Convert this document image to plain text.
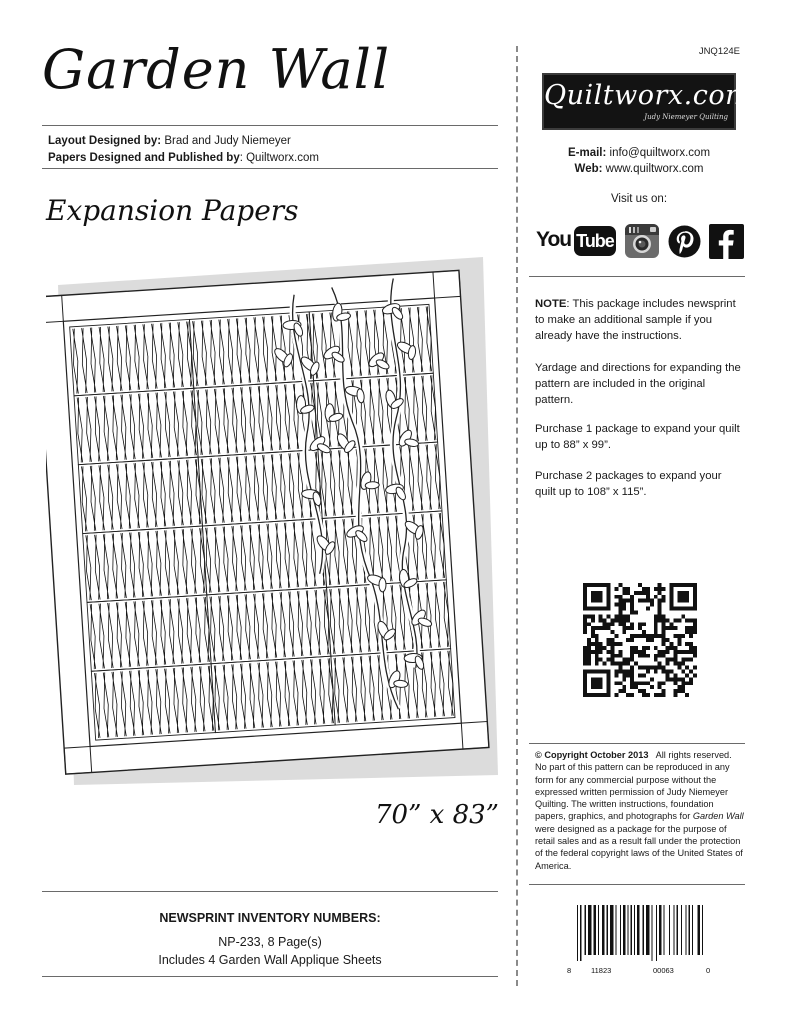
Garden Wall
Layout Designed by: Brad and Judy Niemeyer
Papers Designed and Published by: Quiltworx.com
Expansion Papers
70” x 83”
NEWSPRINT INVENTORY NUMBERS:
NP-233, 8 Page(s)
Includes 4 Garden Wall Applique Sheets
JNQ124E
Quiltworx.com
Judy Niemeyer Quilting
E-mail: info@quiltworx.com
Web: www.quiltworx.com
Visit us on:
You Tube
NOTE: This package includes newsprint to make an additional sample if you already have the instructions.
Yardage and directions for expanding the pattern are included in the original pattern.
Purchase 1 package to expand your quilt up to 88” x 99”.
Purchase 2 packages to expand your quilt up to 108” x 115”.
© Copyright October 2013 All rights reserved. No part of this pattern can be reproduced in any form for any commercial purpose without the expressed written permission of Judy Niemeyer Quilting. The written instructions, foundation papers, graphics, and photographs for Garden Wall were designed as a package for the purpose of retail sales and as a result fall under the protection of the federal copyright laws of the United States of America.
8	11823	00063	0
